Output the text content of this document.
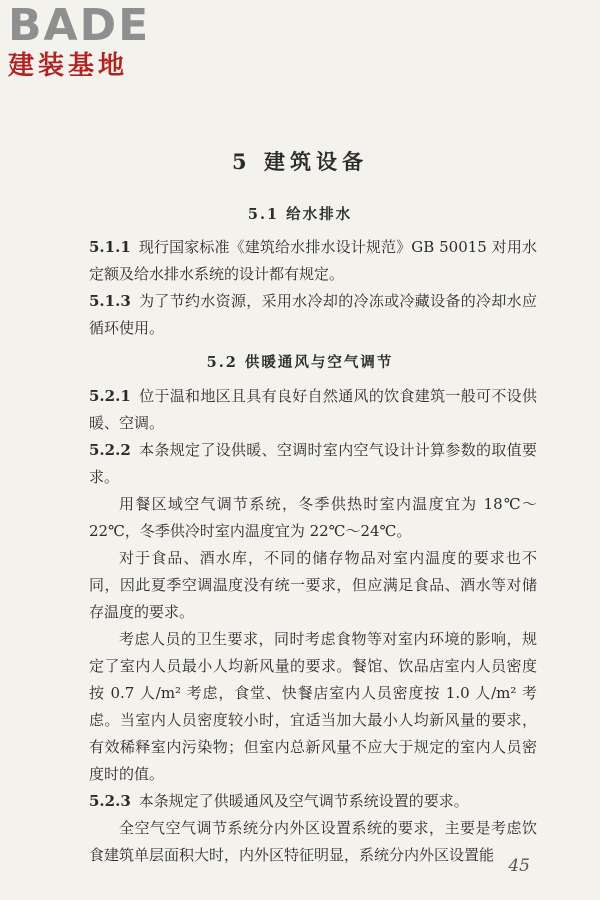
BADE
建装基地
5 建筑设备
5.1 给水排水

5.1.1 现行国家标准《建筑给水排水设计规范》GB 50015 对用水定额及给水排水系统的设计都有规定。

5.1.3 为了节约水资源，采用水冷却的冷冻或冷藏设备的冷却水应循环使用。

5.2 供暖通风与空气调节

5.2.1 位于温和地区且具有良好自然通风的饮食建筑一般可不设供暖、空调。

5.2.2 本条规定了设供暖、空调时室内空气设计计算参数的取值要求。

用餐区域空气调节系统，冬季供热时室内温度宜为 18℃～22℃，冬季供冷时室内温度宜为 22℃～24℃。

对于食品、酒水库，不同的储存物品对室内温度的要求也不同，因此夏季空调温度没有统一要求，但应满足食品、酒水等对储存温度的要求。

考虑人员的卫生要求，同时考虑食物等对室内环境的影响，规定了室内人员最小人均新风量的要求。餐馆、饮品店室内人员密度按 0.7 人/m² 考虑，食堂、快餐店室内人员密度按 1.0 人/m² 考虑。当室内人员密度较小时，宜适当加大最小人均新风量的要求，有效稀释室内污染物；但室内总新风量不应大于规定的室内人员密度时的值。

5.2.3 本条规定了供暖通风及空气调节系统设置的要求。

全空气空气调节系统分内外区设置系统的要求，主要是考虑饮食建筑单层面积大时，内外区特征明显，系统分内外区设置能

45
